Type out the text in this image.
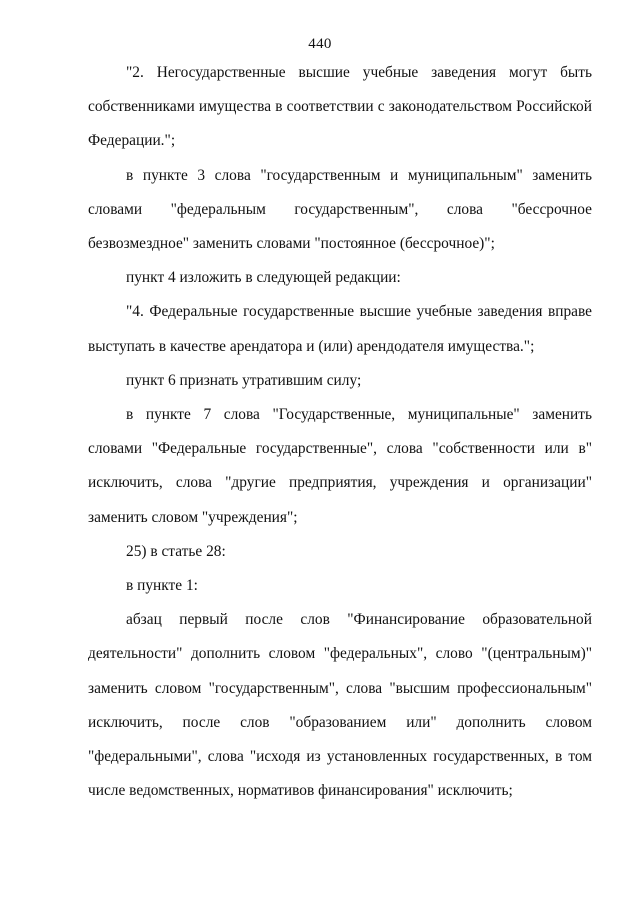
440

"2. Негосударственные высшие учебные заведения могут быть собственниками имущества в соответствии с законодательством Российской Федерации.";

в пункте 3 слова "государственным и муниципальным" заменить словами "федеральным государственным", слова "бессрочное безвозмездное" заменить словами "постоянное (бессрочное)";

пункт 4 изложить в следующей редакции:

"4. Федеральные государственные высшие учебные заведения вправе выступать в качестве арендатора и (или) арендодателя имущества.";

пункт 6 признать утратившим силу;

в пункте 7 слова "Государственные, муниципальные" заменить словами "Федеральные государственные", слова "собственности или в" исключить, слова "другие предприятия, учреждения и организации" заменить словом "учреждения";

25) в статье 28:

в пункте 1:

абзац первый после слов "Финансирование образовательной деятельности" дополнить словом "федеральных", слово "(центральным)" заменить словом "государственным", слова "высшим профессиональным" исключить, после слов "образованием или" дополнить словом "федеральными", слова "исходя из установленных государственных, в том числе ведомственных, нормативов финансирования" исключить;
